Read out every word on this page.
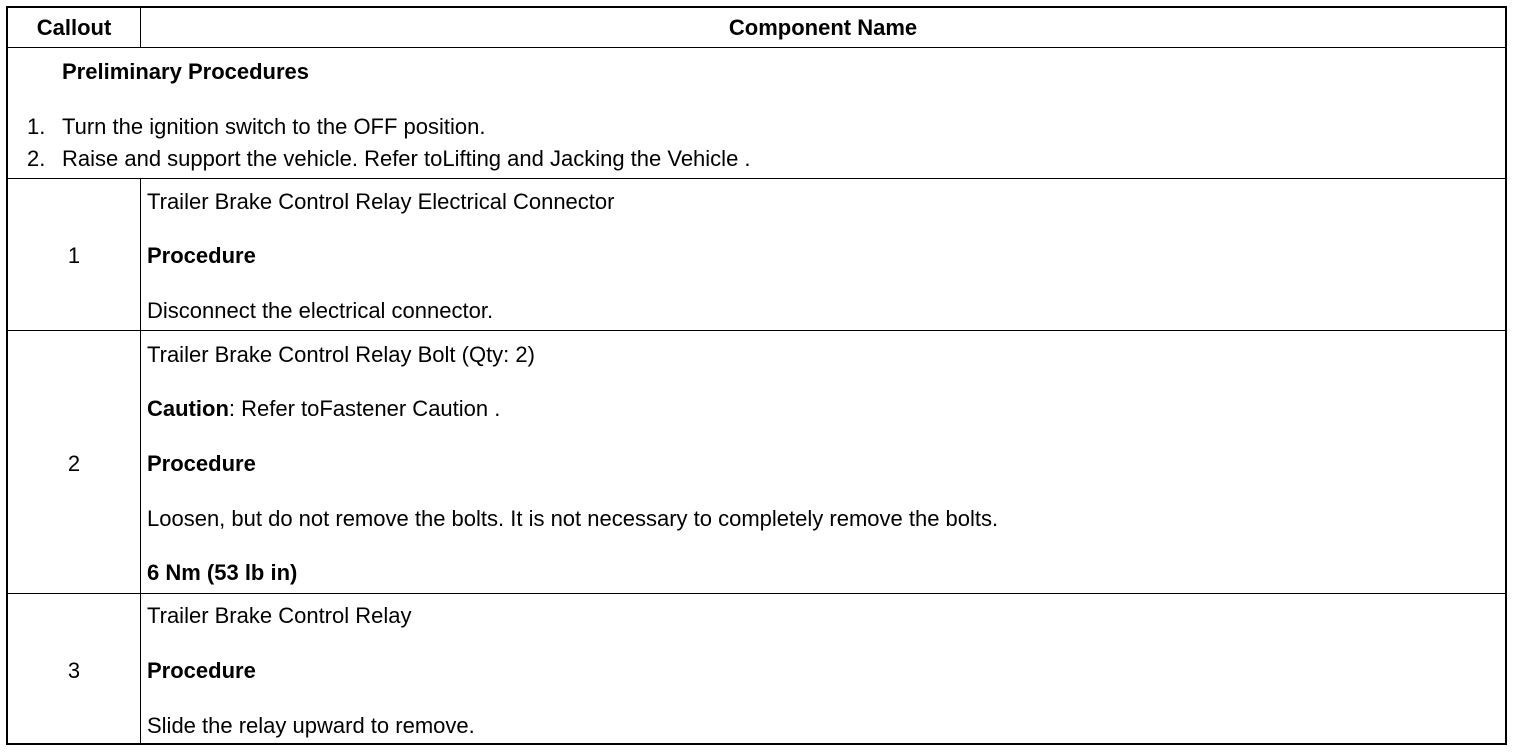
Callout	Component Name
Preliminary Procedures
1. Turn the ignition switch to the OFF position.
2. Raise and support the vehicle. Refer toLifting and Jacking the Vehicle .
1
Trailer Brake Control Relay Electrical Connector
Procedure
Disconnect the electrical connector.
2
Trailer Brake Control Relay Bolt (Qty: 2)
Caution: Refer toFastener Caution .
Procedure
Loosen, but do not remove the bolts. It is not necessary to completely remove the bolts.
6 Nm (53 lb in)
3
Trailer Brake Control Relay
Procedure
Slide the relay upward to remove.
